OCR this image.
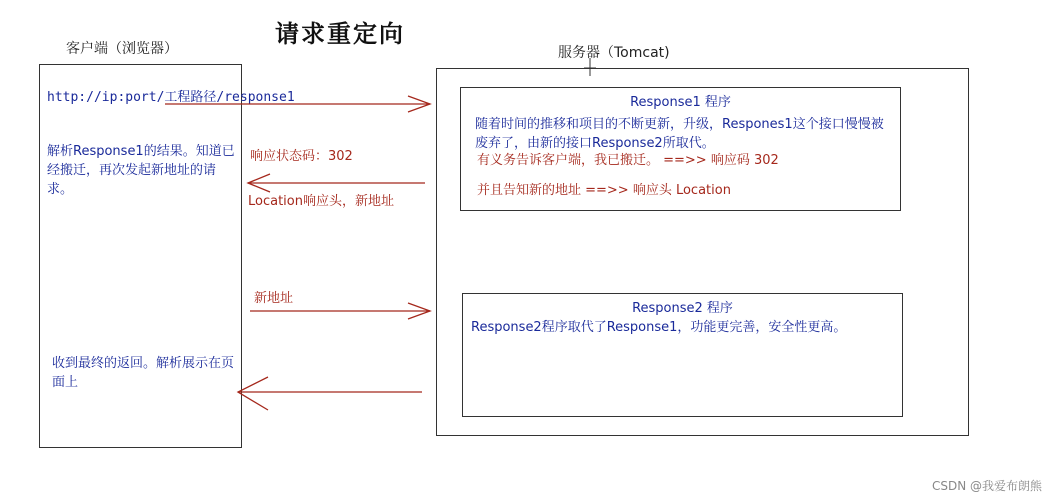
请求重定向
客户端（浏览器）
http://ip:port/工程路径/response1
解析Response1的结果。知道已经搬迁，再次发起新地址的请求。
收到最终的返回。解析展示在页面上
服务器（Tomcat)
Response1 程序
随着时间的推移和项目的不断更新，升级，Respones1这个接口慢慢被废弃了，由新的接口Response2所取代。
有义务告诉客户端，我已搬迁。 ==>> 响应码 302
并且告知新的地址 ==>> 响应头 Location
Response2 程序
Response2程序取代了Response1，功能更完善，安全性更高。
响应状态码：302
Location响应头，新地址
新地址
CSDN @我爱布朗熊
